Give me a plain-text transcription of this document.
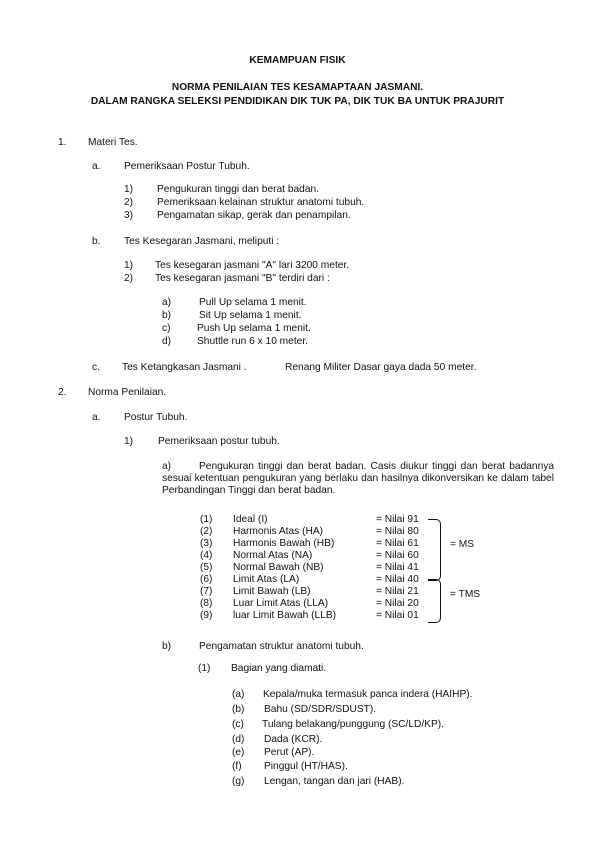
KEMAMPUAN FISIK
NORMA PENILAIAN TES KESAMAPTAAN JASMANI.
DALAM RANGKA SELEKSI PENDIDIKAN DIK TUK PA, DIK TUK BA UNTUK PRAJURIT
1. Materi Tes.
a. Pemeriksaan Postur Tubuh.
1) Pengukuran tinggi dan berat badan.
2) Pemeriksaan kelainan struktur anatomi tubuh.
3) Pengamatan sikap, gerak dan penampilan.
b. Tes Kesegaran Jasmani, meliputi :
1) Tes kesegaran jasmani "A" lari 3200 meter.
2) Tes kesegaran jasmani "B" terdiri dari :
a)	Pull Up selama 1 menit.
b)	Sit Up selama 1 menit.
c)	Push Up selama 1 menit.
d)	Shuttle run 6 x 10 meter.
c. Tes Ketangkasan Jasmani .	Renang Militer Dasar gaya dada 50 meter.
2. Norma Penilaian.
a. Postur Tubuh.
1) Pemeriksaan postur tubuh.
a)	Pengukuran tinggi dan berat badan. Casis diukur tinggi dan berat badannya sesuai ketentuan pengukuran yang berlaku dan hasilnya dikonversikan ke dalam tabel Perbandingan Tinggi dan berat badan.
(1) Ideal (I)	= Nilai 91
(2) Harmonis Atas (HA)	= Nilai 80
(3) Harmonis Bawah (HB)	= Nilai 61
(4) Normal Atas (NA)	= Nilai 60
(5) Normal Bawah (NB)	= Nilai 41
(6) Limit Atas (LA)	= Nilai 40
(7) Limit Bawah (LB)	= Nilai 21
(8) Luar Limit Atas (LLA)	= Nilai 20
(9) luar Limit Bawah (LLB)	= Nilai 01
= MS
= TMS
b)	Pengamatan struktur anatomi tubuh.
(1) Bagian yang diamati.
(a) Kepala/muka termasuk panca indera (HAIHP).
(b) Bahu (SD/SDR/SDUST).
(c) Tulang belakang/punggung (SC/LD/KP).
(d) Dada (KCR).
(e) Perut (AP).
(f) Pinggul (HT/HAS).
(g) Lengan, tangan dan jari (HAB).
